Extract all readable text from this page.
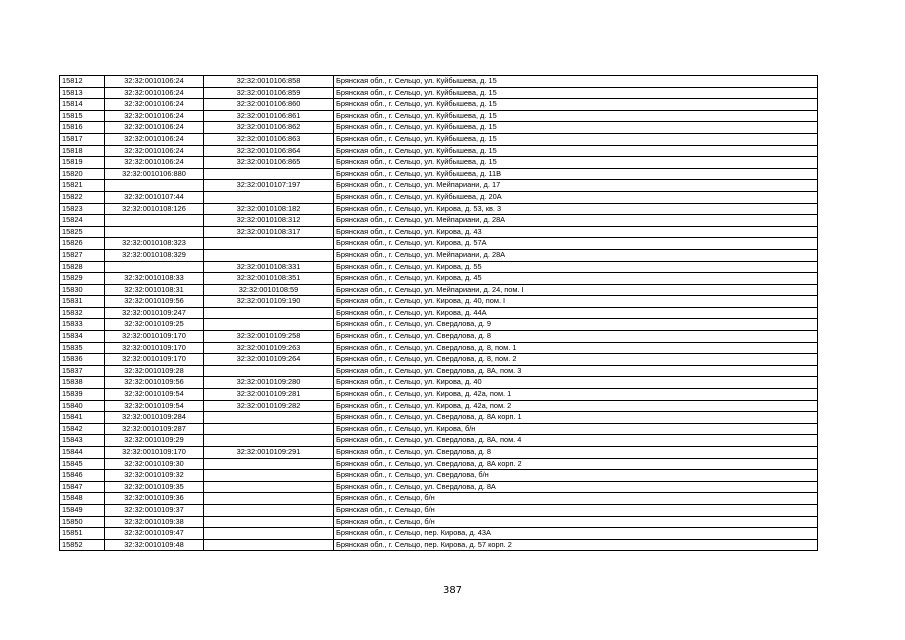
15812	32:32:0010106:24	32:32:0010106:858	Брянская обл., г. Сельцо, ул. Куйбышева, д. 15
15813	32:32:0010106:24	32:32:0010106:859	Брянская обл., г. Сельцо, ул. Куйбышева, д. 15
15814	32:32:0010106:24	32:32:0010106:860	Брянская обл., г. Сельцо, ул. Куйбышева, д. 15
15815	32:32:0010106:24	32:32:0010106:861	Брянская обл., г. Сельцо, ул. Куйбышева, д. 15
15816	32:32:0010106:24	32:32:0010106:862	Брянская обл., г. Сельцо, ул. Куйбышева, д. 15
15817	32:32:0010106:24	32:32:0010106:863	Брянская обл., г. Сельцо, ул. Куйбышева, д. 15
15818	32:32:0010106:24	32:32:0010106:864	Брянская обл., г. Сельцо, ул. Куйбышева, д. 15
15819	32:32:0010106:24	32:32:0010106:865	Брянская обл., г. Сельцо, ул. Куйбышева, д. 15
15820	32:32:0010106:880		Брянская обл., г. Сельцо, ул. Куйбышева, д. 11В
15821		32:32:0010107:197	Брянская обл., г. Сельцо, ул. Мейпариани, д. 17
15822	32:32:0010107:44		Брянская обл., г. Сельцо, ул. Куйбышева, д. 20А
15823	32:32:0010108:126	32:32:0010108:182	Брянская обл., г. Сельцо, ул. Кирова, д. 53, кв. 3
15824		32:32:0010108:312	Брянская обл., г. Сельцо, ул. Мейпариани, д. 28А
15825		32:32:0010108:317	Брянская обл., г. Сельцо, ул. Кирова, д. 43
15826	32:32:0010108:323		Брянская обл., г. Сельцо, ул. Кирова, д. 57А
15827	32:32:0010108:329		Брянская обл., г. Сельцо, ул. Мейпариани, д. 28А
15828		32:32:0010108:331	Брянская обл., г. Сельцо, ул. Кирова, д. 55
15829	32:32:0010108:33	32:32:0010108:351	Брянская обл., г. Сельцо, ул. Кирова, д. 45
15830	32:32:0010108:31	32:32:0010108:59	Брянская обл., г. Сельцо, ул. Мейпариани, д. 24, пом. I
15831	32:32:0010109:56	32:32:0010109:190	Брянская обл., г. Сельцо, ул. Кирова, д. 40, пом. I
15832	32:32:0010109:247		Брянская обл., г. Сельцо, ул. Кирова, д. 44А
15833	32:32:0010109:25		Брянская обл., г. Сельцо, ул. Свердлова, д. 9
15834	32:32:0010109:170	32:32:0010109:258	Брянская обл., г. Сельцо, ул. Свердлова, д. 8
15835	32:32:0010109:170	32:32:0010109:263	Брянская обл., г. Сельцо, ул. Свердлова, д. 8, пом. 1
15836	32:32:0010109:170	32:32:0010109:264	Брянская обл., г. Сельцо, ул. Свердлова, д. 8, пом. 2
15837	32:32:0010109:28		Брянская обл., г. Сельцо, ул. Свердлова, д. 8А, пом. 3
15838	32:32:0010109:56	32:32:0010109:280	Брянская обл., г. Сельцо, ул. Кирова, д. 40
15839	32:32:0010109:54	32:32:0010109:281	Брянская обл., г. Сельцо, ул. Кирова, д. 42а, пом. 1
15840	32:32:0010109:54	32:32:0010109:282	Брянская обл., г. Сельцо, ул. Кирова, д. 42а, пом. 2
15841	32:32:0010109:284		Брянская обл., г. Сельцо, ул. Свердлова, д. 8А корп. 1
15842	32:32:0010109:287		Брянская обл., г. Сельцо, ул. Кирова, б/н
15843	32:32:0010109:29		Брянская обл., г. Сельцо, ул. Свердлова, д. 8А, пом. 4
15844	32:32:0010109:170	32:32:0010109:291	Брянская обл., г. Сельцо, ул. Свердлова, д. 8
15845	32:32:0010109:30		Брянская обл., г. Сельцо, ул. Свердлова, д. 8А корп. 2
15846	32:32:0010109:32		Брянская обл., г. Сельцо, ул. Свердлова, б/н
15847	32:32:0010109:35		Брянская обл., г. Сельцо, ул. Свердлова, д. 8А
15848	32:32:0010109:36		Брянская обл., г. Сельцо, б/н
15849	32:32:0010109:37		Брянская обл., г. Сельцо, б/н
15850	32:32:0010109:38		Брянская обл., г. Сельцо, б/н
15851	32:32:0010109:47		Брянская обл., г. Сельцо, пер. Кирова, д. 43А
15852	32:32:0010109:48		Брянская обл., г. Сельцо, пер. Кирова, д. 57 корп. 2
387
